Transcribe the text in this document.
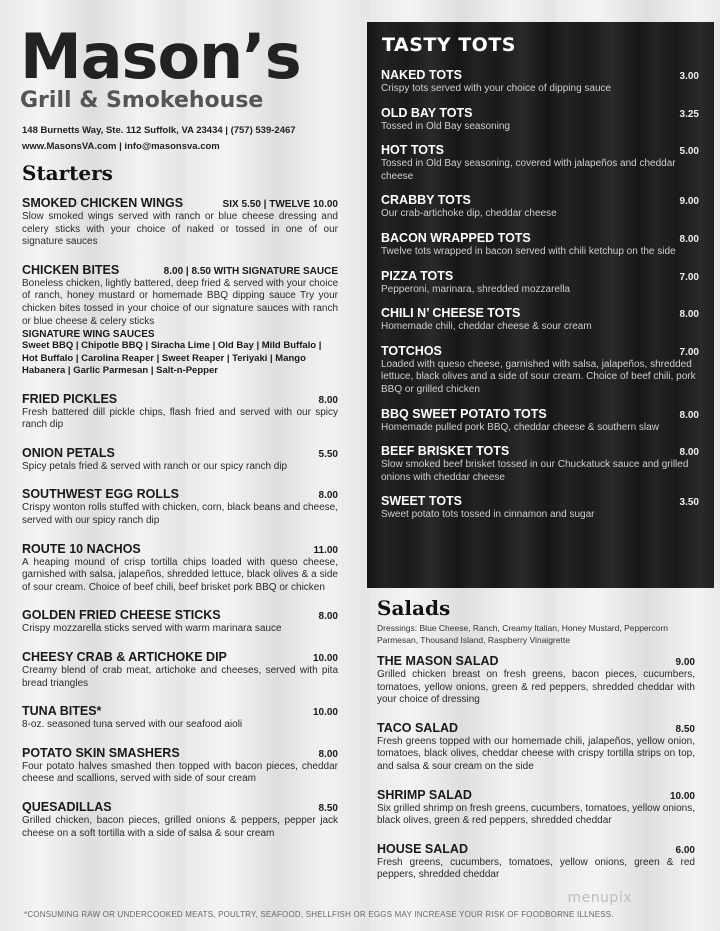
Mason’s
Grill & Smokehouse
148 Burnetts Way, Ste. 112 Suffolk, VA 23434 | (757) 539-2467
www.MasonsVA.com | info@masonsva.com
Starters
SMOKED CHICKEN WINGS	SIX 5.50 | TWELVE 10.00
Slow smoked wings served with ranch or blue cheese dressing and celery sticks with your choice of naked or tossed in one of our signature sauces
CHICKEN BITES	8.00 | 8.50 WITH SIGNATURE SAUCE
Boneless chicken, lightly battered, deep fried & served with your choice of ranch, honey mustard or homemade BBQ dipping sauce Try your chicken bites tossed in your choice of our signature sauces with ranch or blue cheese & celery sticks
SIGNATURE WING SAUCES
Sweet BBQ | Chipotle BBQ | Siracha Lime | Old Bay | Mild Buffalo | Hot Buffalo | Carolina Reaper | Sweet Reaper | Teriyaki | Mango Habanera | Garlic Parmesan | Salt-n-Pepper
FRIED PICKLES	8.00
Fresh battered dill pickle chips, flash fried and served with our spicy ranch dip
ONION PETALS	5.50
Spicy petals fried & served with ranch or our spicy ranch dip
SOUTHWEST EGG ROLLS	8.00
Crispy wonton rolls stuffed with chicken, corn, black beans and cheese, served with our spicy ranch dip
ROUTE 10 NACHOS	11.00
A heaping mound of crisp tortilla chips loaded with queso cheese, garnished with salsa, jalapeños, shredded lettuce, black olives & a side of sour cream. Choice of beef chili, beef brisket pork BBQ or chicken
GOLDEN FRIED CHEESE STICKS	8.00
Crispy mozzarella sticks served with warm marinara sauce
CHEESY CRAB & ARTICHOKE DIP	10.00
Creamy blend of crab meat, artichoke and cheeses, served with pita bread triangles
TUNA BITES*	10.00
8-oz. seasoned tuna served with our seafood aioli
POTATO SKIN SMASHERS	8.00
Four potato halves smashed then topped with bacon pieces, cheddar cheese and scallions, served with side of sour cream
QUESADILLAS	8.50
Grilled chicken, bacon pieces, grilled onions & peppers, pepper jack cheese on a soft tortilla with a side of salsa & sour cream
TASTY TOTS
NAKED TOTS	3.00
Crispy tots served with your choice of dipping sauce
OLD BAY TOTS	3.25
Tossed in Old Bay seasoning
HOT TOTS	5.00
Tossed in Old Bay seasoning, covered with jalapeños and cheddar cheese
CRABBY TOTS	9.00
Our crab-artichoke dip, cheddar cheese
BACON WRAPPED TOTS	8.00
Twelve tots wrapped in bacon served with chili ketchup on the side
PIZZA TOTS	7.00
Pepperoni, marinara, shredded mozzarella
CHILI N’ CHEESE TOTS	8.00
Homemade chili, cheddar cheese & sour cream
TOTCHOS	7.00
Loaded with queso cheese, garnished with salsa, jalapeños, shredded lettuce, black olives and a side of sour cream. Choice of beef chili, pork BBQ or grilled chicken
BBQ SWEET POTATO TOTS	8.00
Homemade pulled pork BBQ, cheddar cheese & southern slaw
BEEF BRISKET TOTS	8.00
Slow smoked beef brisket tossed in our Chuckatuck sauce and grilled onions with cheddar cheese
SWEET TOTS	3.50
Sweet potato tots tossed in cinnamon and sugar
Salads
Dressings: Blue Cheese, Ranch, Creamy Italian, Honey Mustard, Peppercorn Parmesan, Thousand Island, Raspberry Vinaigrette
THE MASON SALAD	9.00
Grilled chicken breast on fresh greens, bacon pieces, cucumbers, tomatoes, yellow onions, green & red peppers, shredded cheddar with your choice of dressing
TACO SALAD	8.50
Fresh greens topped with our homemade chili, jalapeños, yellow onion, tomatoes, black olives, cheddar cheese with crispy tortilla strips on top, and salsa & sour cream on the side
SHRIMP SALAD	10.00
Six grilled shrimp on fresh greens, cucumbers, tomatoes, yellow onions, black olives, green & red peppers, shredded cheddar
HOUSE SALAD	6.00
Fresh greens, cucumbers, tomatoes, yellow onions, green & red peppers, shredded cheddar
menupix
*CONSUMING RAW OR UNDERCOOKED MEATS, POULTRY, SEAFOOD, SHELLFISH OR EGGS MAY INCREASE YOUR RISK OF FOODBORNE ILLNESS.
